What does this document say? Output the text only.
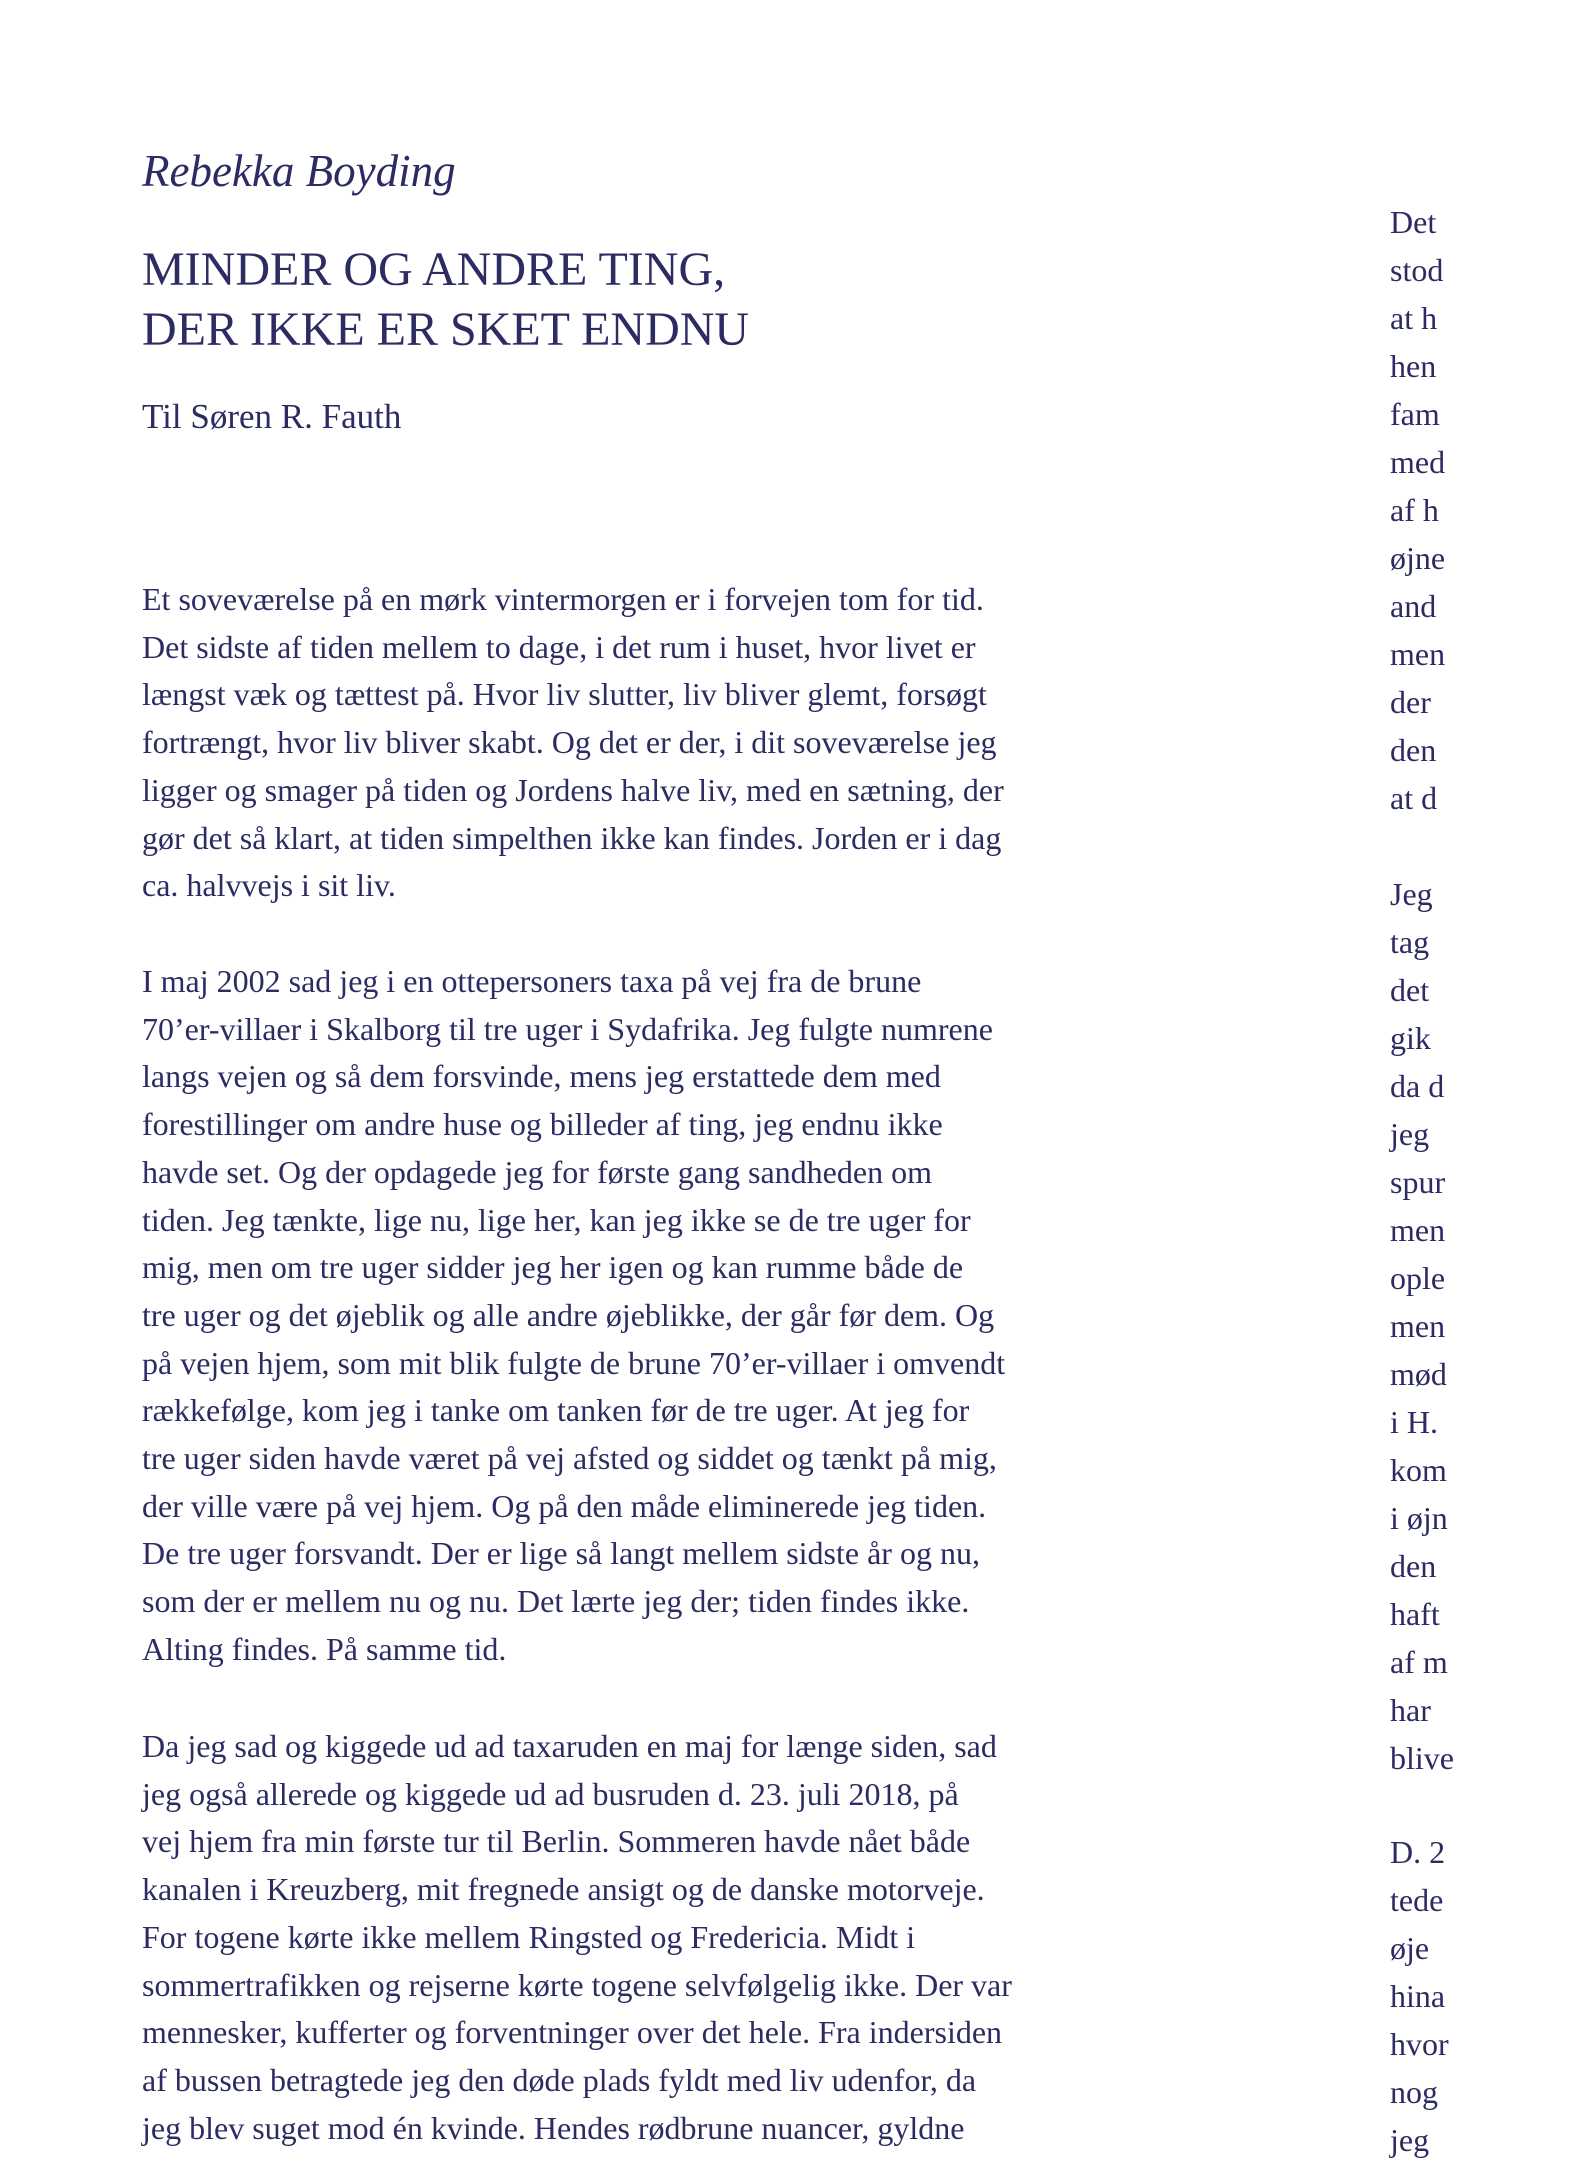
Rebekka Boyding
MINDER OG ANDRE TING,
DER IKKE ER SKET ENDNU

Til Søren R. Fauth

Et soveværelse på en mørk vintermorgen er i forvejen tom for tid.
Det sidste af tiden mellem to dage, i det rum i huset, hvor livet er
længst væk og tættest på. Hvor liv slutter, liv bliver glemt, forsøgt
fortrængt, hvor liv bliver skabt. Og det er der, i dit soveværelse jeg
ligger og smager på tiden og Jordens halve liv, med en sætning, der
gør det så klart, at tiden simpelthen ikke kan findes. Jorden er i dag
ca. halvvejs i sit liv.

I maj 2002 sad jeg i en ottepersoners taxa på vej fra de brune
70’er-villaer i Skalborg til tre uger i Sydafrika. Jeg fulgte numrene
langs vejen og så dem forsvinde, mens jeg erstattede dem med
forestillinger om andre huse og billeder af ting, jeg endnu ikke
havde set. Og der opdagede jeg for første gang sandheden om
tiden. Jeg tænkte, lige nu, lige her, kan jeg ikke se de tre uger for
mig, men om tre uger sidder jeg her igen og kan rumme både de
tre uger og det øjeblik og alle andre øjeblikke, der går før dem. Og
på vejen hjem, som mit blik fulgte de brune 70’er-villaer i omvendt
rækkefølge, kom jeg i tanke om tanken før de tre uger. At jeg for
tre uger siden havde været på vej afsted og siddet og tænkt på mig,
der ville være på vej hjem. Og på den måde eliminerede jeg tiden.
De tre uger forsvandt. Der er lige så langt mellem sidste år og nu,
som der er mellem nu og nu. Det lærte jeg der; tiden findes ikke.
Alting findes. På samme tid.

Da jeg sad og kiggede ud ad taxaruden en maj for længe siden, sad
jeg også allerede og kiggede ud ad busruden d. 23. juli 2018, på
vej hjem fra min første tur til Berlin. Sommeren havde nået både
kanalen i Kreuzberg, mit fregnede ansigt og de danske motorveje.
For togene kørte ikke mellem Ringsted og Fredericia. Midt i
sommertrafikken og rejserne kørte togene selvfølgelig ikke. Der var
mennesker, kufferter og forventninger over det hele. Fra indersiden
af bussen betragtede jeg den døde plads fyldt med liv udenfor, da
jeg blev suget mod én kvinde. Hendes rødbrune nuancer, gyldne

Det
stod
at h
hen
fam
med
af h
øjne
and
men
der
den
at d

Jeg
tag
det
gik
da d
jeg
spur
men
ople
men
mød
i H.
kom
i øjn
den
haft
af m
har
blive

D. 2
tede
øje
hina
hvor
nog
jeg
